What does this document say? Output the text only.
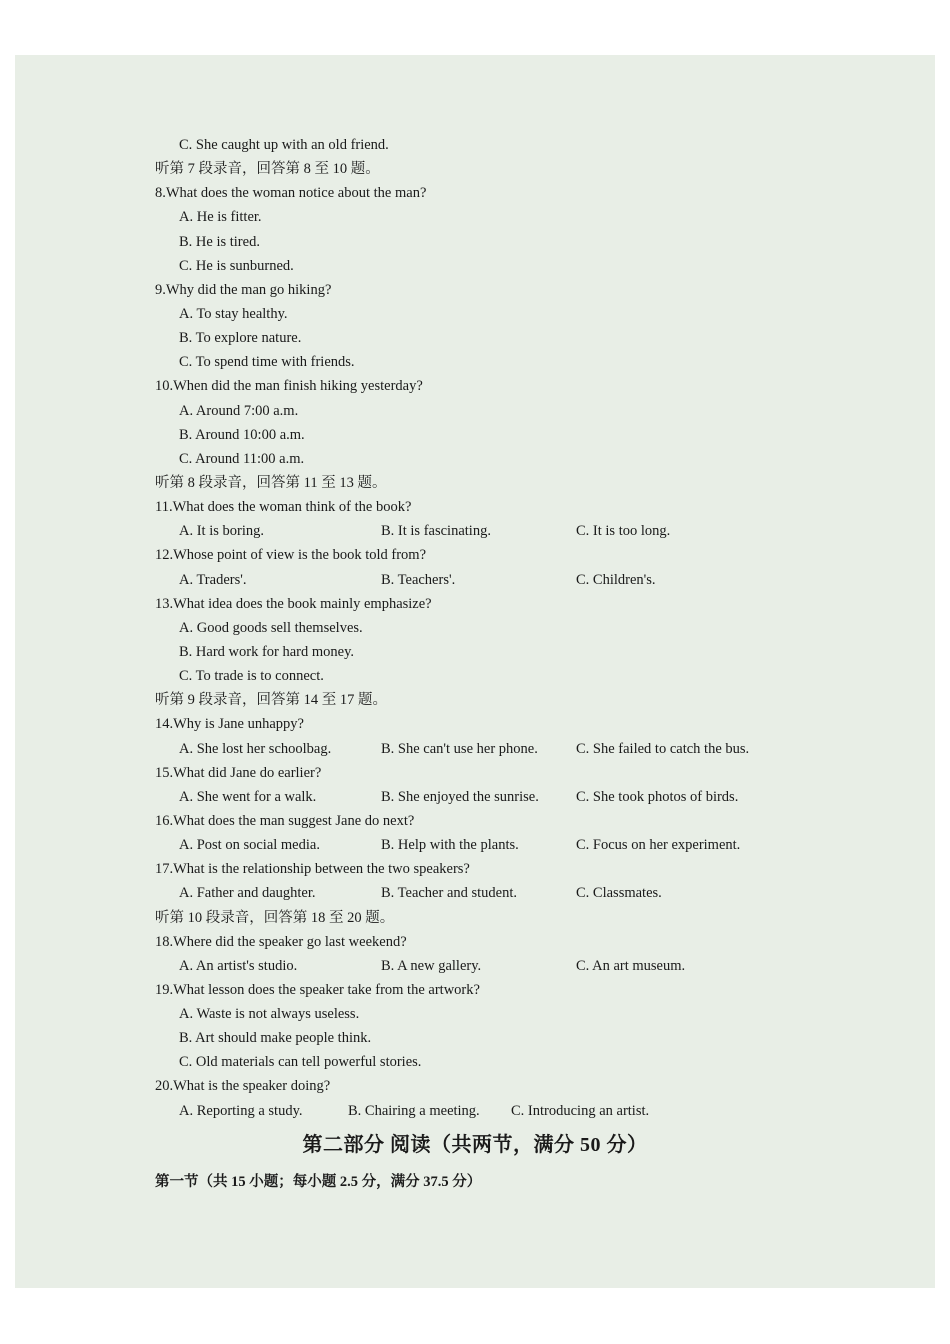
C. She caught up with an old friend.
听第 7 段录音，回答第 8 至 10 题。
8.What does the woman notice about the man?
A. He is fitter.
B. He is tired.
C. He is sunburned.
9.Why did the man go hiking?
A. To stay healthy.
B. To explore nature.
C. To spend time with friends.
10.When did the man finish hiking yesterday?
A. Around 7:00 a.m.
B. Around 10:00 a.m.
C. Around 11:00 a.m.
听第 8 段录音，回答第 11 至 13 题。
11.What does the woman think of the book?
A. It is boring.	B. It is fascinating.	C. It is too long.
12.Whose point of view is the book told from?
A. Traders'.	B. Teachers'.	C. Children's.
13.What idea does the book mainly emphasize?
A. Good goods sell themselves.
B. Hard work for hard money.
C. To trade is to connect.
听第 9 段录音，回答第 14 至 17 题。
14.Why is Jane unhappy?
A. She lost her schoolbag.	B. She can't use her phone.	C. She failed to catch the bus.
15.What did Jane do earlier?
A. She went for a walk.	B. She enjoyed the sunrise.	C. She took photos of birds.
16.What does the man suggest Jane do next?
A. Post on social media.	B. Help with the plants.	C. Focus on her experiment.
17.What is the relationship between the two speakers?
A. Father and daughter.	B. Teacher and student.	C. Classmates.
听第 10 段录音，回答第 18 至 20 题。
18.Where did the speaker go last weekend?
A. An artist's studio.	B. A new gallery.	C. An art museum.
19.What lesson does the speaker take from the artwork?
A. Waste is not always useless.
B. Art should make people think.
C. Old materials can tell powerful stories.
20.What is the speaker doing?
A. Reporting a study.	B. Chairing a meeting. C. Introducing an artist.
第二部分 阅读（共两节，满分 50 分）
第一节（共 15 小题；每小题 2.5 分，满分 37.5 分）
